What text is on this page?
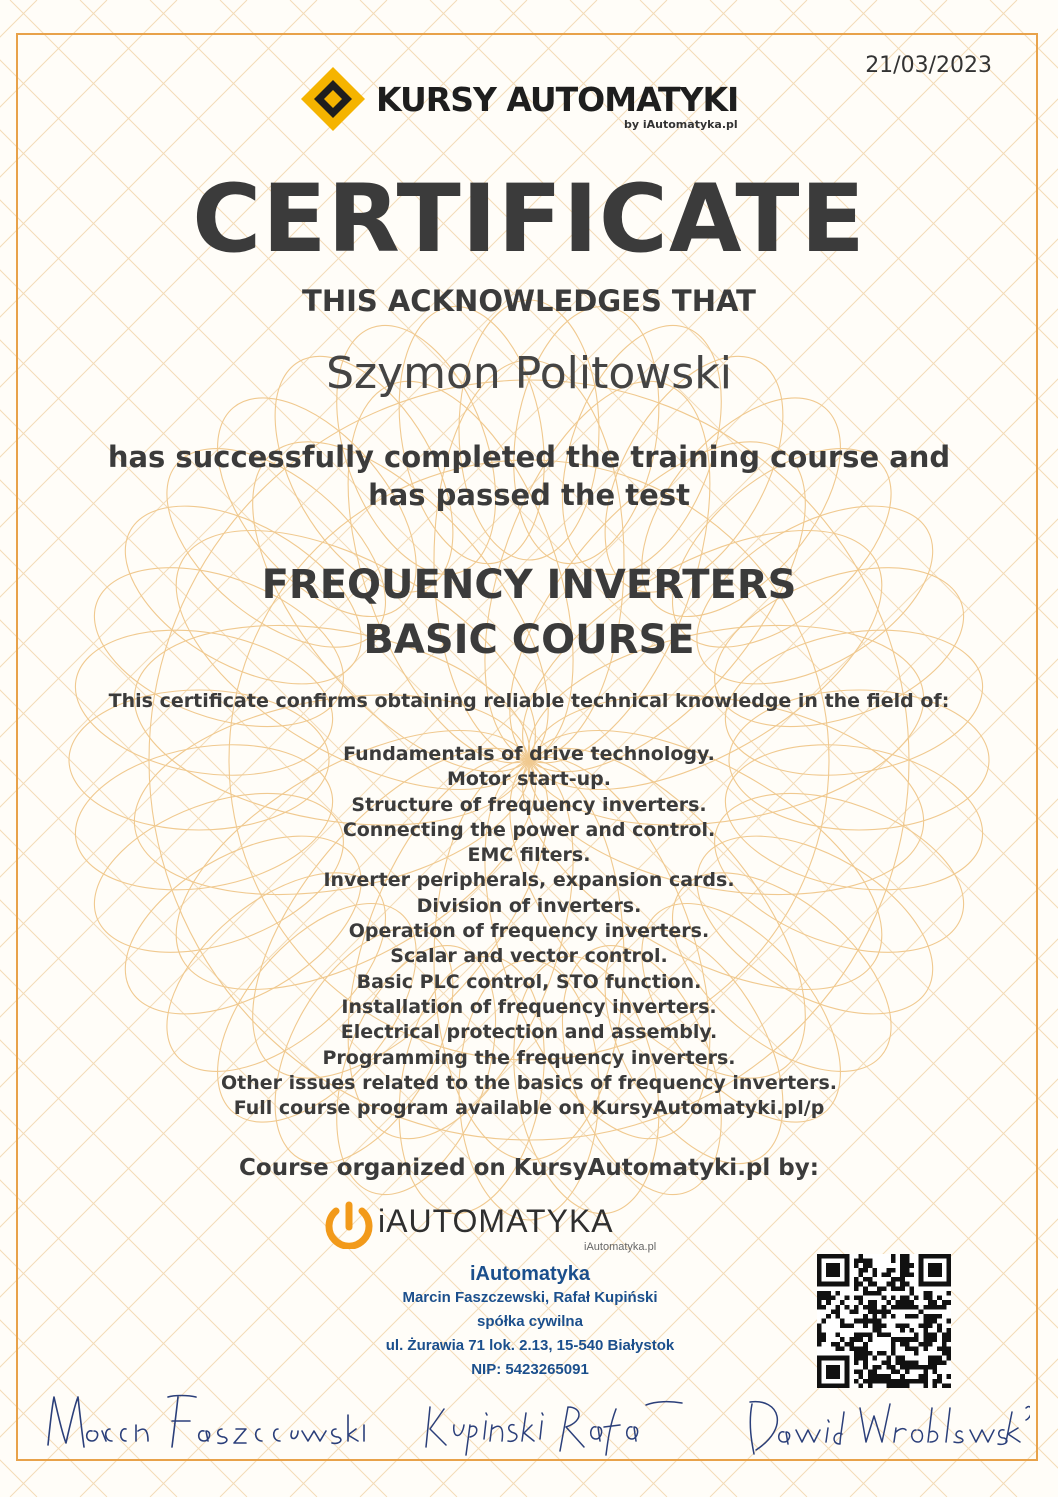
21/03/2023
KURSY AUTOMATYKI
by iAutomatyka.pl
CERTIFICATE
THIS ACKNOWLEDGES THAT
Szymon Politowski
has successfully completed the training course and
has passed the test
FREQUENCY INVERTERS
BASIC COURSE
This certificate confirms obtaining reliable technical knowledge in the field of:
Fundamentals of drive technology.
Motor start-up.
Structure of frequency inverters.
Connecting the power and control.
EMC filters.
Inverter peripherals, expansion cards.
Division of inverters.
Operation of frequency inverters.
Scalar and vector control.
Basic PLC control, STO function.
Installation of frequency inverters.
Electrical protection and assembly.
Programming the frequency inverters.
Other issues related to the basics of frequency inverters.
Full course program available on KursyAutomatyki.pl/p
Course organized on KursyAutomatyki.pl by:
iAUTOMATYKA
iAutomatyka.pl
iAutomatyka
Marcin Faszczewski, Rafał Kupiński
spółka cywilna
ul. Żurawia 71 lok. 2.13, 15-540 Białystok
NIP: 5423265091
